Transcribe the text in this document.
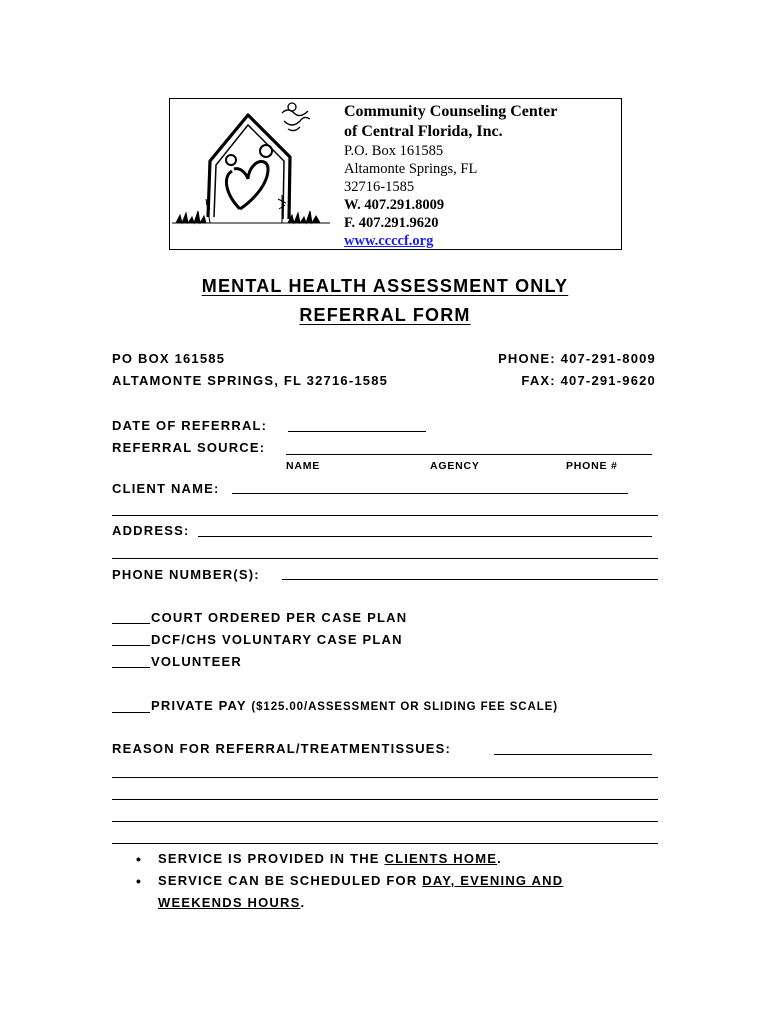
Community Counseling Center
of Central Florida, Inc.
P.O. Box 161585
Altamonte Springs, FL
32716-1585
W. 407.291.8009
F. 407.291.9620
www.ccccf.org
MENTAL HEALTH ASSESSMENT ONLY
REFERRAL FORM
PO BOX 161585
ALTAMONTE SPRINGS, FL 32716-1585
PHONE: 407-291-8009
FAX: 407-291-9620
DATE OF REFERRAL:
REFERRAL SOURCE:
NAME	AGENCY	PHONE #
CLIENT NAME:
ADDRESS:
PHONE NUMBER(S):
COURT ORDERED PER CASE PLAN
DCF/CHS VOLUNTARY CASE PLAN
VOLUNTEER
PRIVATE PAY ($125.00/ASSESSMENT OR SLIDING FEE SCALE)
REASON FOR REFERRAL/TREATMENTISSUES:
• SERVICE IS PROVIDED IN THE CLIENTS HOME.
• SERVICE CAN BE SCHEDULED FOR DAY, EVENING AND
WEEKENDS HOURS.
